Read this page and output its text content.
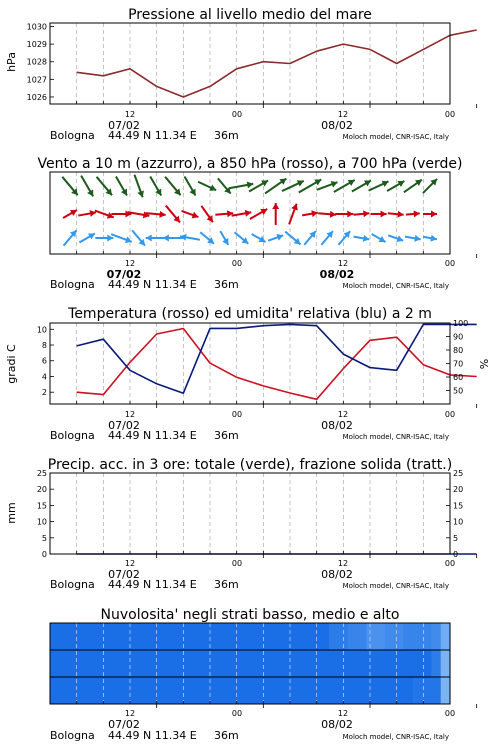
Pressione al livello medio del mare
Vento a 10 m (azzurro), a 850 hPa (rosso), a 700 hPa (verde)
Temperatura (rosso) ed umidita' relativa (blu) a 2 m
Precip. acc. in 3 ore: totale (verde), frazione solida (tratt.)
Nuvolosita' negli strati basso, medio e alto
hPa
gradi C	%
mm
1026
1027
1028
1029
1030
2
4
6
8
10
50
60
70
80
90
100
0
5
10
15
20
25
0
5
10
15
20
25
12	00	12	00
07/02	08/02
Bologna 44.49 N 11.34 E 36m	Moloch model, CNR-ISAC, Italy
12	00	12	00
07/02	08/02
Bologna 44.49 N 11.34 E 36m	Moloch model, CNR-ISAC, Italy
12	00	12	00
07/02	08/02
Bologna 44.49 N 11.34 E 36m	Moloch model, CNR-ISAC, Italy
12	00	12	00
07/02	08/02
Bologna 44.49 N 11.34 E 36m	Moloch model, CNR-ISAC, Italy
12	00	12	00
07/02	08/02
Bologna 44.49 N 11.34 E 36m	Moloch model, CNR-ISAC, Italy
